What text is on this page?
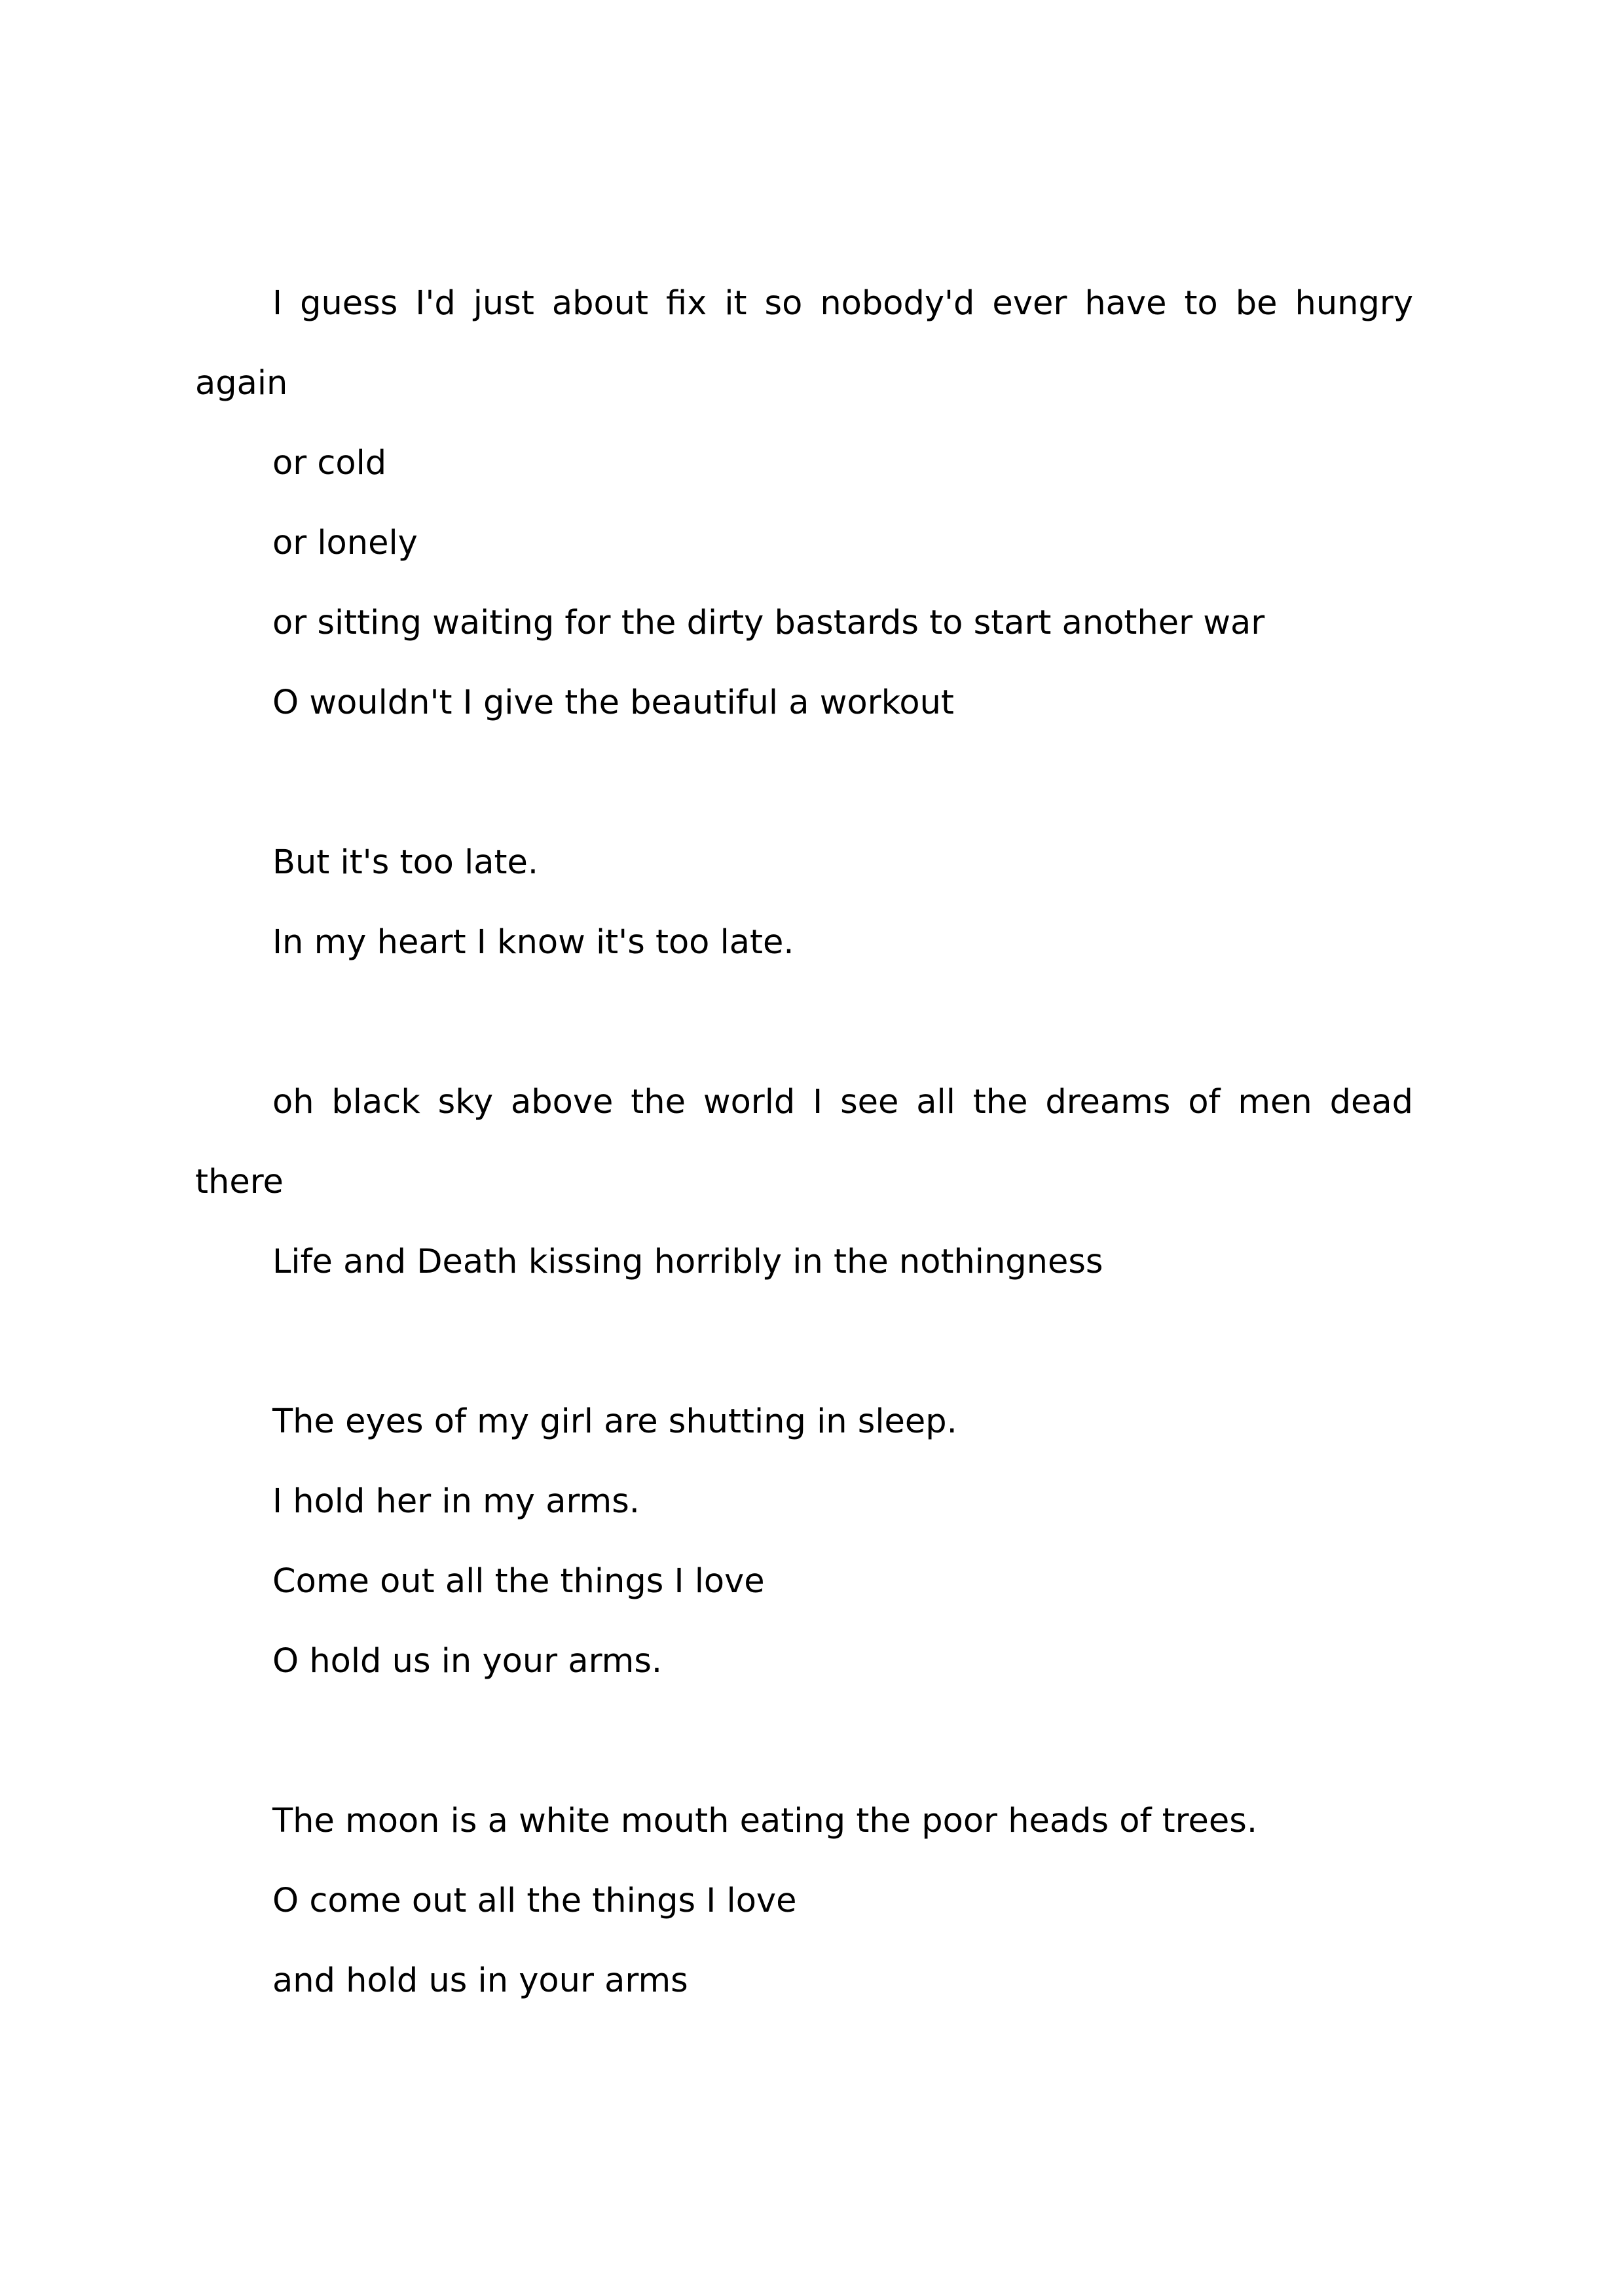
I guess I'd just about fix it so nobody'd ever have to be hungry again
or cold
or lonely
or sitting waiting for the dirty bastards to start another war
O wouldn't I give the beautiful a workout
But it's too late.
In my heart I know it's too late.
oh black sky above the world I see all the dreams of men dead there
Life and Death kissing horribly in the nothingness
The eyes of my girl are shutting in sleep.
I hold her in my arms.
Come out all the things I love
O hold us in your arms.
The moon is a white mouth eating the poor heads of trees.
O come out all the things I love
and hold us in your arms
